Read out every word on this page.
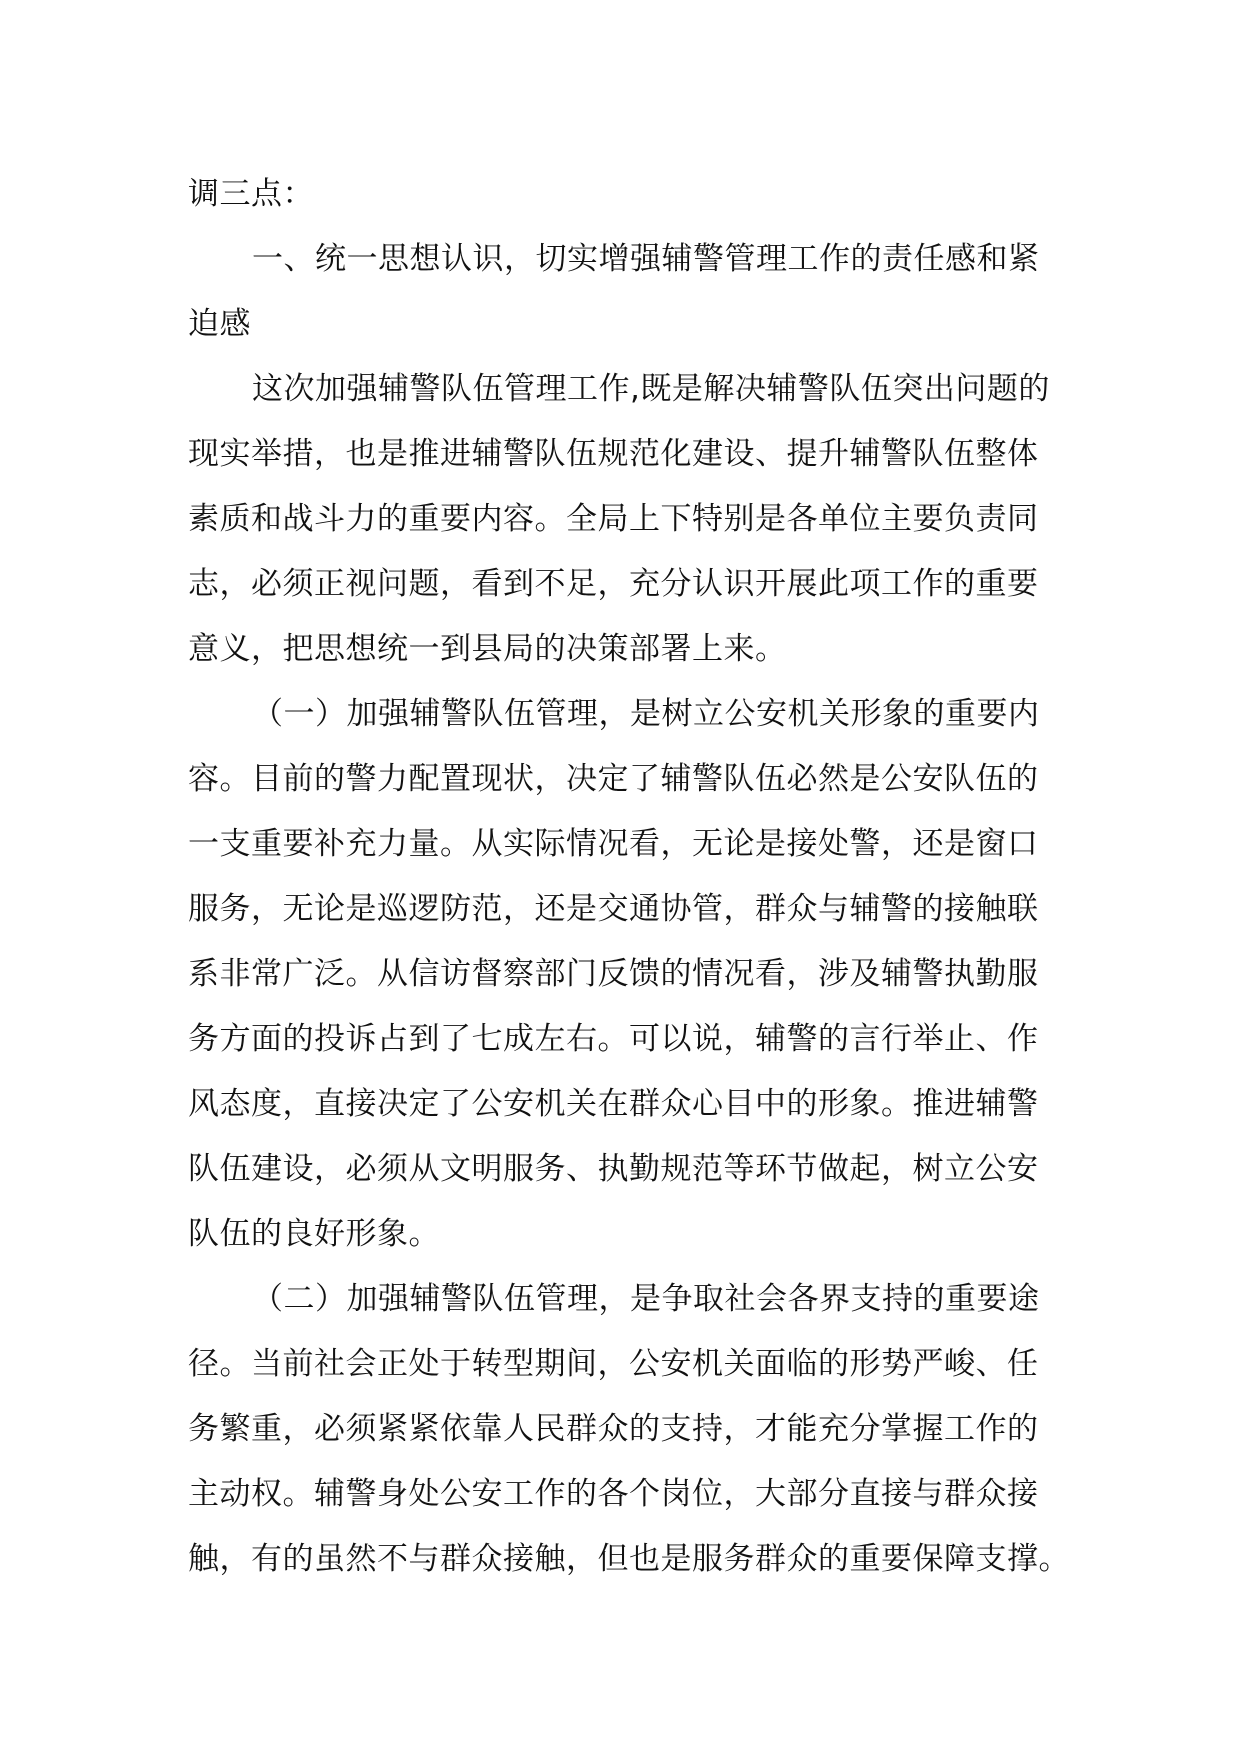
调三点：
一、统一思想认识，切实增强辅警管理工作的责任感和紧
迫感
这次加强辅警队伍管理工作,既是解决辅警队伍突出问题的
现实举措，也是推进辅警队伍规范化建设、提升辅警队伍整体
素质和战斗力的重要内容。全局上下特别是各单位主要负责同
志，必须正视问题，看到不足，充分认识开展此项工作的重要
意义，把思想统一到县局的决策部署上来。
（一）加强辅警队伍管理，是树立公安机关形象的重要内
容。目前的警力配置现状，决定了辅警队伍必然是公安队伍的
一支重要补充力量。从实际情况看，无论是接处警，还是窗口
服务，无论是巡逻防范，还是交通协管，群众与辅警的接触联
系非常广泛。从信访督察部门反馈的情况看，涉及辅警执勤服
务方面的投诉占到了七成左右。可以说，辅警的言行举止、作
风态度，直接决定了公安机关在群众心目中的形象。推进辅警
队伍建设，必须从文明服务、执勤规范等环节做起，树立公安
队伍的良好形象。
（二）加强辅警队伍管理，是争取社会各界支持的重要途
径。当前社会正处于转型期间，公安机关面临的形势严峻、任
务繁重，必须紧紧依靠人民群众的支持，才能充分掌握工作的
主动权。辅警身处公安工作的各个岗位，大部分直接与群众接
触，有的虽然不与群众接触，但也是服务群众的重要保障支撑。
